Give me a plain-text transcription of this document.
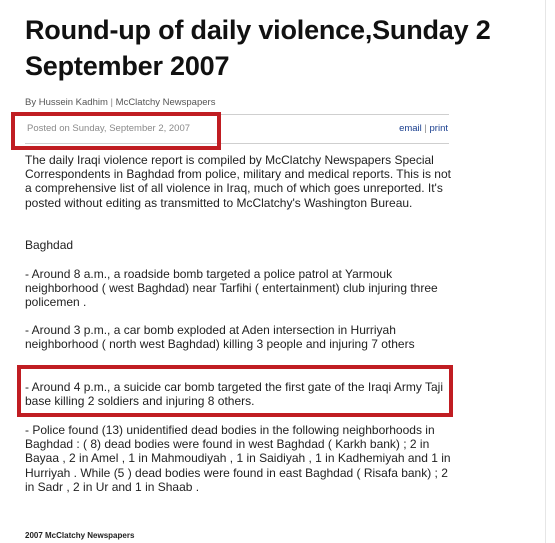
Round-up of daily violence,Sunday 2 September 2007
By Hussein Kadhim | McClatchy Newspapers
Posted on Sunday, September 2, 2007	email | print

The daily Iraqi violence report is compiled by McClatchy Newspapers Special Correspondents in Baghdad from police, military and medical reports. This is not a comprehensive list of all violence in Iraq, much of which goes unreported. It's posted without editing as transmitted to McClatchy's Washington Bureau.

Baghdad

- Around 8 a.m., a roadside bomb targeted a police patrol at Yarmouk neighborhood ( west Baghdad) near Tarfihi ( entertainment) club injuring three policemen .

- Around 3 p.m., a car bomb exploded at Aden intersection in Hurriyah neighborhood ( north west Baghdad) killing 3 people and injuring 7 others

- Around 4 p.m., a suicide car bomb targeted the first gate of the Iraqi Army Taji base killing 2 soldiers and injuring 8 others.

- Police found (13) unidentified dead bodies in the following neighborhoods in Baghdad : ( 8) dead bodies were found in west Baghdad ( Karkh bank) ; 2 in Bayaa , 2 in Amel , 1 in Mahmoudiyah , 1 in Saidiyah , 1 in Kadhemiyah and 1 in Hurriyah . While (5 ) dead bodies were found in east Baghdad ( Risafa bank) ; 2 in Sadr , 2 in Ur and 1 in Shaab .

2007 McClatchy Newspapers
